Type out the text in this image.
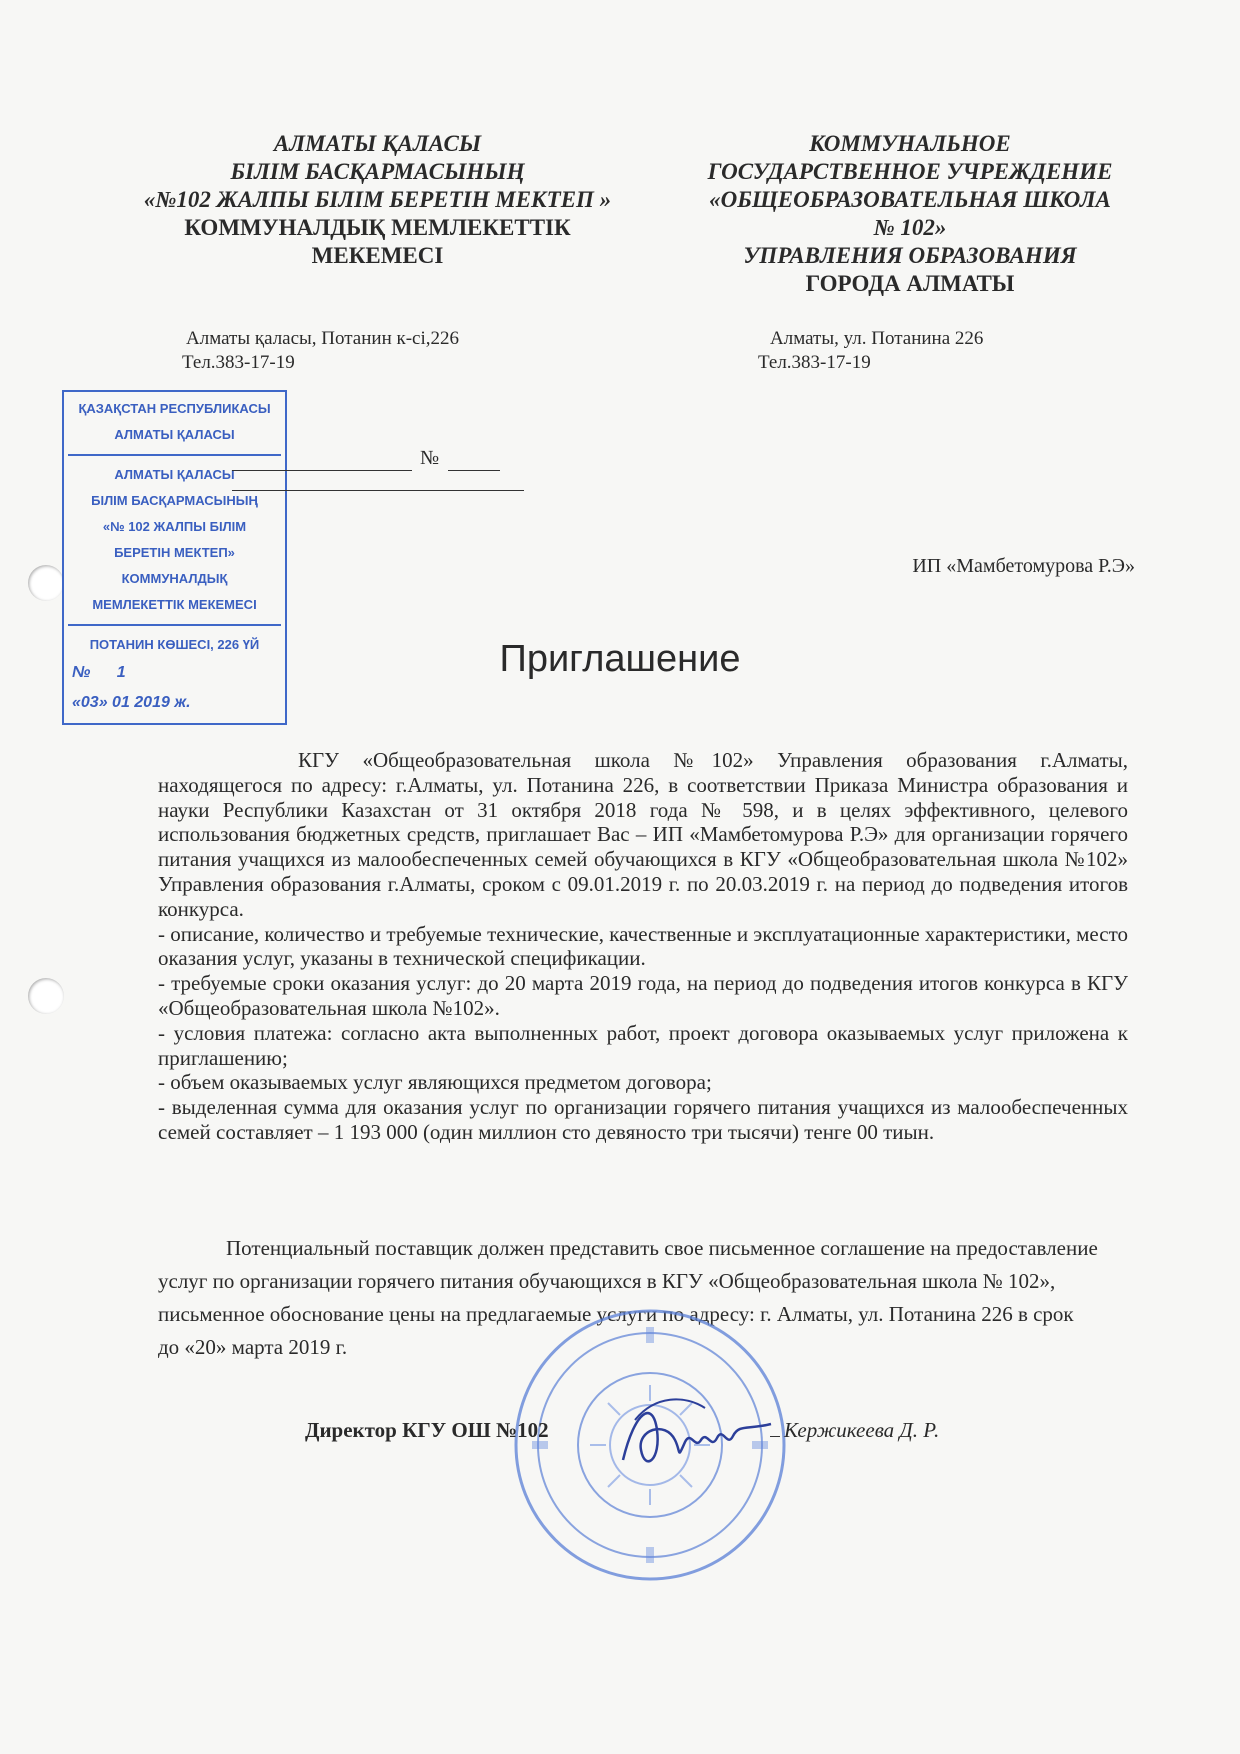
АЛМАТЫ ҚАЛАСЫ
БІЛІМ БАСҚАРМАСЫНЫҢ
«№102 ЖАЛПЫ БІЛІМ БЕРЕТІН МЕКТЕП »
КОММУНАЛДЫҚ МЕМЛЕКЕТТІК
МЕКЕМЕСІ
Алматы қаласы, Потанин к-сі,226
Тел.383-17-19
КОММУНАЛЬНОЕ
ГОСУДАРСТВЕННОЕ УЧРЕЖДЕНИЕ
«ОБЩЕОБРАЗОВАТЕЛЬНАЯ ШКОЛА
№ 102»
УПРАВЛЕНИЯ ОБРАЗОВАНИЯ
ГОРОДА АЛМАТЫ
Алматы, ул. Потанина 226
Тел.383-17-19
ҚАЗАҚСТАН РЕСПУБЛИКАСЫ
АЛМАТЫ ҚАЛАСЫ
АЛМАТЫ ҚАЛАСЫ
БІЛІМ БАСҚАРМАСЫНЫҢ
«№ 102 ЖАЛПЫ БІЛІМ
БЕРЕТІН МЕКТЕП»
КОММУНАЛДЫҚ
МЕМЛЕКЕТТІК МЕКЕМЕСІ
ПОТАНИН КӨШЕСІ, 226 ҮЙ
№ 1
«03» 01 2019 ж.
№
ИП «Мамбетомурова Р.Э»
Приглашение

КГУ «Общеобразовательная школа №102» Управления образования г.Алматы, находящегося по адресу: г.Алматы, ул. Потанина 226, в соответствии Приказа Министра образования и науки Республики Казахстан от 31 октября 2018 года № 598, и в целях эффективного, целевого использования бюджетных средств, приглашает Вас – ИП «Мамбетомурова Р.Э» для организации горячего питания учащихся из малообеспеченных семей обучающихся в КГУ «Общеобразовательная школа №102» Управления образования г.Алматы, сроком с 09.01.2019 г. по 20.03.2019 г. на период до подведения итогов конкурса.

- описание, количество и требуемые технические, качественные и эксплуатационные характеристики, место оказания услуг, указаны в технической спецификации.

- требуемые сроки оказания услуг: до 20 марта 2019 года, на период до подведения итогов конкурса в КГУ «Общеобразовательная школа №102».

- условия платежа: согласно акта выполненных работ, проект договора оказываемых услуг приложена к приглашению;

- объем оказываемых услуг являющихся предметом договора;

- выделенная сумма для оказания услуг по организации горячего питания учащихся из малообеспеченных семей составляет – 1 193 000 (один миллион сто девяносто три тысячи) тенге 00 тиын.

Потенциальный поставщик должен представить свое письменное соглашение на предоставление услуг по организации горячего питания обучающихся в КГУ «Общеобразовательная школа № 102», письменное обоснование цены на предлагаемые услуги по адресу: г. Алматы, ул. Потанина 226 в срок до «20» марта 2019 г.

Директор КГУ ОШ №102	Кержикеева Д. Р.
